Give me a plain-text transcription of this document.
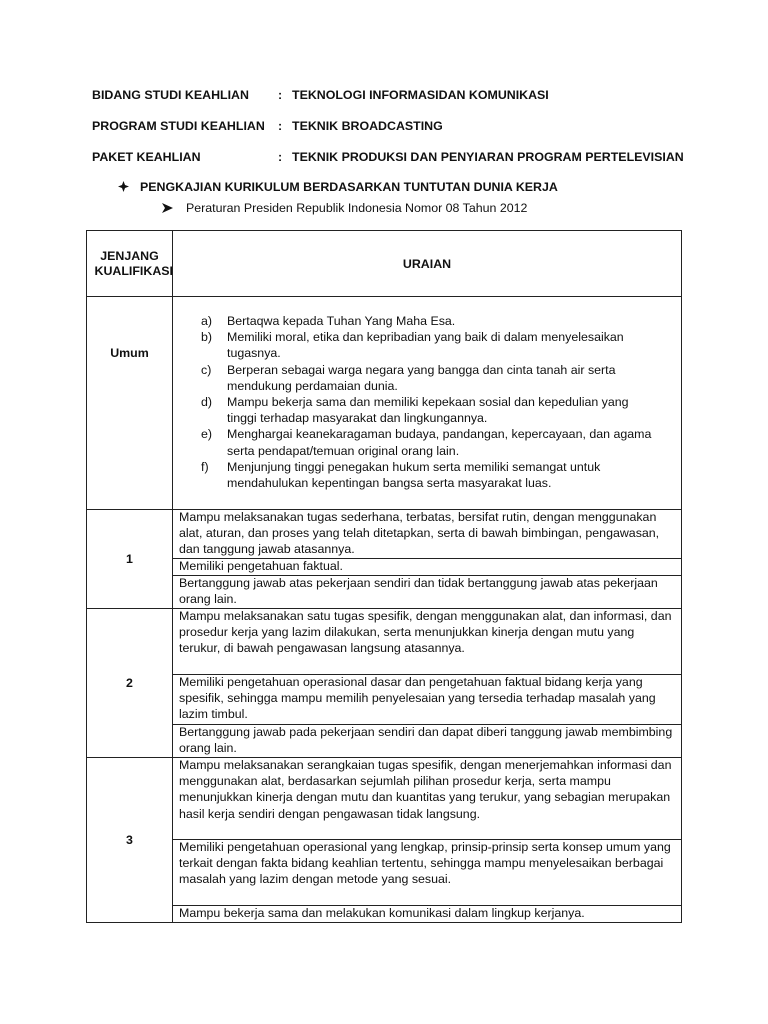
BIDANG STUDI KEAHLIAN : TEKNOLOGI INFORMASIDAN KOMUNIKASI
PROGRAM STUDI KEAHLIAN : TEKNIK BROADCASTING
PAKET KEAHLIAN	: TEKNIK PRODUKSI DAN PENYIARAN PROGRAM PERTELEVISIAN
PENGKAJIAN KURIKULUM BERDASARKAN TUNTUTAN DUNIA KERJA
Peraturan Presiden Republik Indonesia Nomor 08 Tahun 2012
JENJANG KUALIFIKASI	URAIAN
Umum
a) Bertaqwa kepada Tuhan Yang Maha Esa.
b) Memiliki moral, etika dan kepribadian yang baik di dalam menyelesaikan tugasnya.
c) Berperan sebagai warga negara yang bangga dan cinta tanah air serta mendukung perdamaian dunia.
d) Mampu bekerja sama dan memiliki kepekaan sosial dan kepedulian yang tinggi terhadap masyarakat dan lingkungannya.
e) Menghargai keanekaragaman budaya, pandangan, kepercayaan, dan agama serta pendapat/temuan original orang lain.
f) Menjunjung tinggi penegakan hukum serta memiliki semangat untuk mendahulukan kepentingan bangsa serta masyarakat luas.
1
Mampu melaksanakan tugas sederhana, terbatas, bersifat rutin, dengan menggunakan alat, aturan, dan proses yang telah ditetapkan, serta di bawah bimbingan, pengawasan, dan tanggung jawab atasannya.
Memiliki pengetahuan faktual.
Bertanggung jawab atas pekerjaan sendiri dan tidak bertanggung jawab atas pekerjaan orang lain.
2
Mampu melaksanakan satu tugas spesifik, dengan menggunakan alat, dan informasi, dan prosedur kerja yang lazim dilakukan, serta menunjukkan kinerja dengan mutu yang terukur, di bawah pengawasan langsung atasannya.
Memiliki pengetahuan operasional dasar dan pengetahuan faktual bidang kerja yang spesifik, sehingga mampu memilih penyelesaian yang tersedia terhadap masalah yang lazim timbul.
Bertanggung jawab pada pekerjaan sendiri dan dapat diberi tanggung jawab membimbing orang lain.
3
Mampu melaksanakan serangkaian tugas spesifik, dengan menerjemahkan informasi dan menggunakan alat, berdasarkan sejumlah pilihan prosedur kerja, serta mampu menunjukkan kinerja dengan mutu dan kuantitas yang terukur, yang sebagian merupakan hasil kerja sendiri dengan pengawasan tidak langsung.
Memiliki pengetahuan operasional yang lengkap, prinsip-prinsip serta konsep umum yang terkait dengan fakta bidang keahlian tertentu, sehingga mampu menyelesaikan berbagai masalah yang lazim dengan metode yang sesuai.
Mampu bekerja sama dan melakukan komunikasi dalam lingkup kerjanya.
